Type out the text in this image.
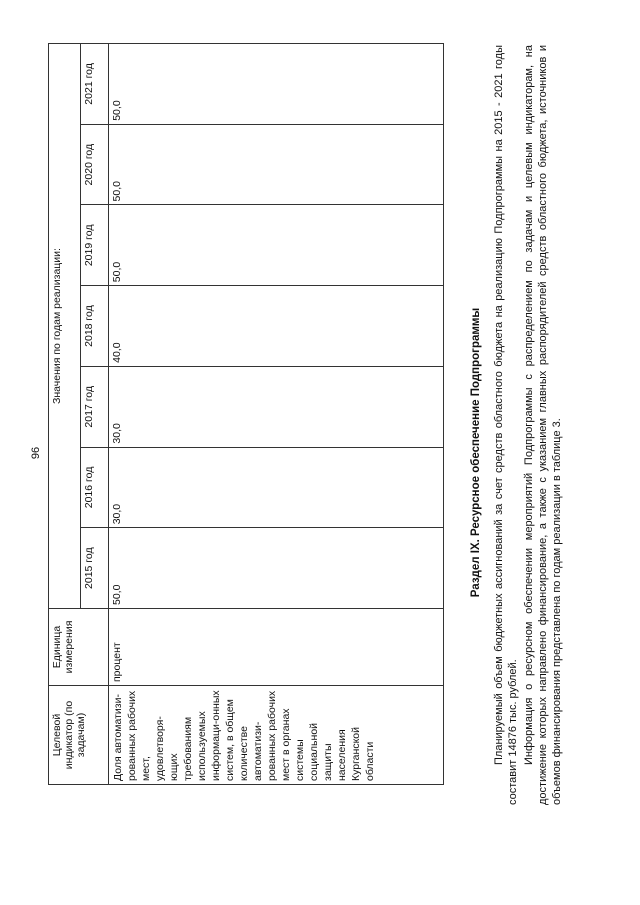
96
Целевой индикатор (по задачам)	Единица измерения	Значения по годам реализации:						
		2015 год	2016 год	2017 год	2018 год	2019 год	2020 год	2021 год
Доля автоматизи-рованных рабочих мест, удовлетворя-ющих требованиям используемых информаци-онных систем, в общем количестве автоматизи-рованных рабочих мест в органах системы социальной защиты населения Курганской области	процент	50,0	30,0	30,0	40,0	50,0	50,0	50,0
Раздел IX. Ресурсное обеспечение Подпрограммы Планируемый объем бюджетных ассигнований за счет средств областного бюджета на реализацию Подпрограммы на 2015 - 2021 годы составит 14876 тыс. рублей. Информация о ресурсном обеспечении мероприятий Подпрограммы с распределением по задачам и целевым индикаторам, на достижение которых направлено финансирование, а также с указанием главных распорядителей средств областного бюджета, источников и объемов финансирования представлена по годам реализации в таблице 3.
